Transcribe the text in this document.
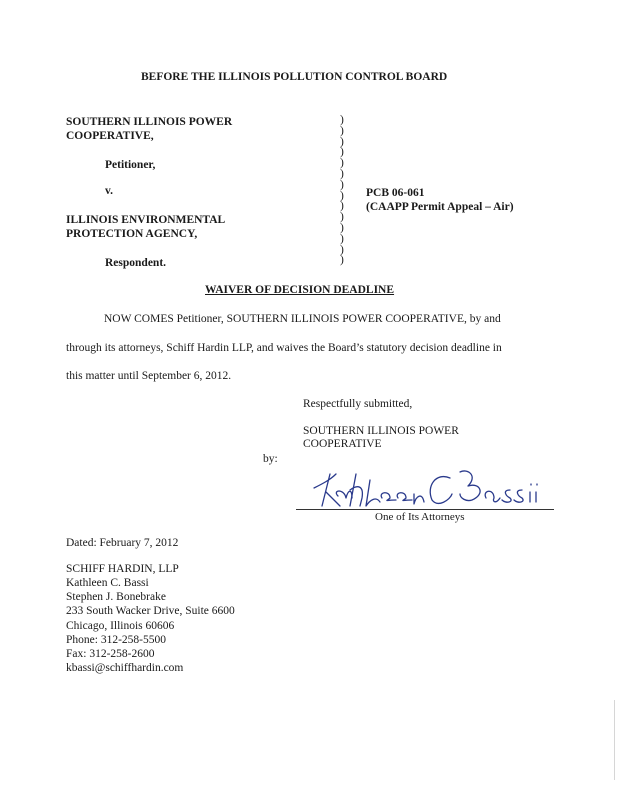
BEFORE THE ILLINOIS POLLUTION CONTROL BOARD
SOUTHERN ILLINOIS POWER
COOPERATIVE,
Petitioner,
v.
ILLINOIS ENVIRONMENTAL
PROTECTION AGENCY,
Respondent.
)
)
)
)
)
)
)
)
)
)
)
)
)
)
PCB 06-061
(CAAPP Permit Appeal – Air)
WAIVER OF DECISION DEADLINE
NOW COMES Petitioner, SOUTHERN ILLINOIS POWER COOPERATIVE, by and
through its attorneys, Schiff Hardin LLP, and waives the Board’s statutory decision deadline in
this matter until September 6, 2012.
Respectfully submitted,
SOUTHERN ILLINOIS POWER
COOPERATIVE
by:
One of Its Attorneys
Dated: February 7, 2012
SCHIFF HARDIN, LLP
Kathleen C. Bassi
Stephen J. Bonebrake
233 South Wacker Drive, Suite 6600
Chicago, Illinois 60606
Phone: 312-258-5500
Fax: 312-258-2600
kbassi@schiffhardin.com
